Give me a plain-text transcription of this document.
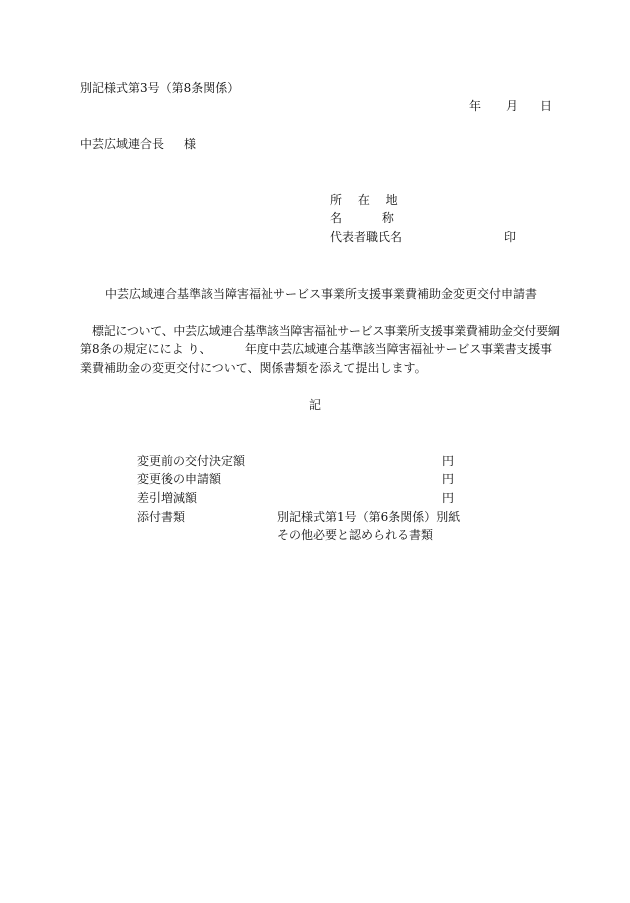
別記様式第3号（第8条関係）
年 月 日
中芸広域連合長 様
所　 在　 地
名　　　 称
代表者職氏名	印
中芸広域連合基準該当障害福祉サービス事業所支援事業費補助金変更交付申請書
標記について、中芸広域連合基準該当障害福祉サービス事業所支援事業費補助金交付要綱
第8条の規定にによ り、	年度中芸広域連合基準該当障害福祉サービス事業書支援事
業費補助金の変更交付について、関係書類を添えて提出します。
記
変更前の交付決定額	円
変更後の申請額	円
差引増減額	円
添付書類	別記様式第1号（第6条関係）別紙
その他必要と認められる書類
